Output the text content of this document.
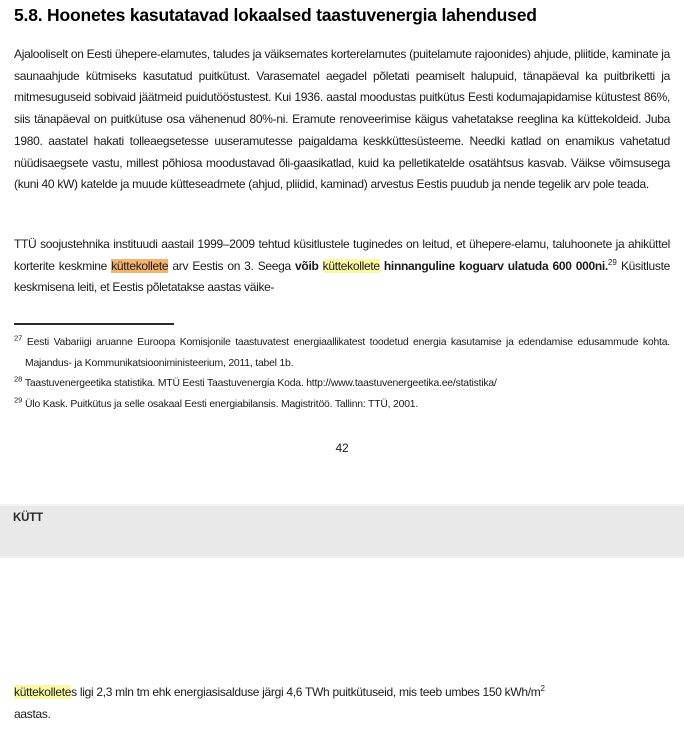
5.8. Hoonetes kasutatavad lokaalsed taastuvenergia lahendused
Ajalooliselt on Eesti ühepere-elamutes, taludes ja väiksemates korterelamutes (puitelamute rajoonides) ahjude, pliitide, kaminate ja saunaahjude kütmiseks kasutatud puitkütust. Varasematel aegadel põletati peamiselt halupuid, tänapäeval ka puitbriketti ja mitmesuguseid sobivaid jäätmeid puidutööstustest. Kui 1936. aastal moodustas puitkütus Eesti kodumajapidamise kütustest 86%, siis tänapäeval on puitkütuse osa vähenenud 80%-ni. Eramute renoveerimise käigus vahetatakse reeglina ka küttekoldeid. Juba 1980. aastatel hakati tolleaegsetesse uuseramutesse paigaldama keskküttesüsteeme. Needki katlad on enamikus vahetatud nüüdisaegsete vastu, millest põhiosa moodustavad õli-gaasikatlad, kuid ka pelletikatelde osatähtsus kasvab. Väikse võimsusega (kuni 40 kW) katelde ja muude kütteseadmete (ahjud, pliidid, kaminad) arvestus Eestis puudub ja nende tegelik arv pole teada.
TTÜ soojustehnika instituudi aastail 1999–2009 tehtud küsitlustele tuginedes on leitud, et ühepere-elamu, taluhoonete ja ahiküttel korterite keskmine küttekollete arv Eestis on 3. Seega võib küttekollete hinnanguline koguarv ulatuda 600 000ni.$^{29}$ Küsitluste keskmisena leiti, et Eestis põletatakse aastas väike-
$^{27}$ Eesti Vabariigi aruanne Euroopa Komisjonile taastuvatest energiaallikatest toodetud energia kasutamise ja edendamise edusammude kohta. Majandus- ja Kommunikatsiooniministeerium, 2011, tabel 1b.
$^{28}$ Taastuvenergeetika statistika. MTÜ Eesti Taastuvenergia Koda. http://www.taastuvenergeetika.ee/statistika/
$^{29}$ Ülo Kask. Puitkütus ja selle osakaal Eesti energiabilansis. Magistritöö. Tallinn: TTÜ, 2001.
42
KÜTT
küttekolletes ligi 2,3 mln tm ehk energiasisalduse järgi 4,6 TWh puitkütuseid, mis teeb umbes 150 kWh/m$^2$
aastas.
